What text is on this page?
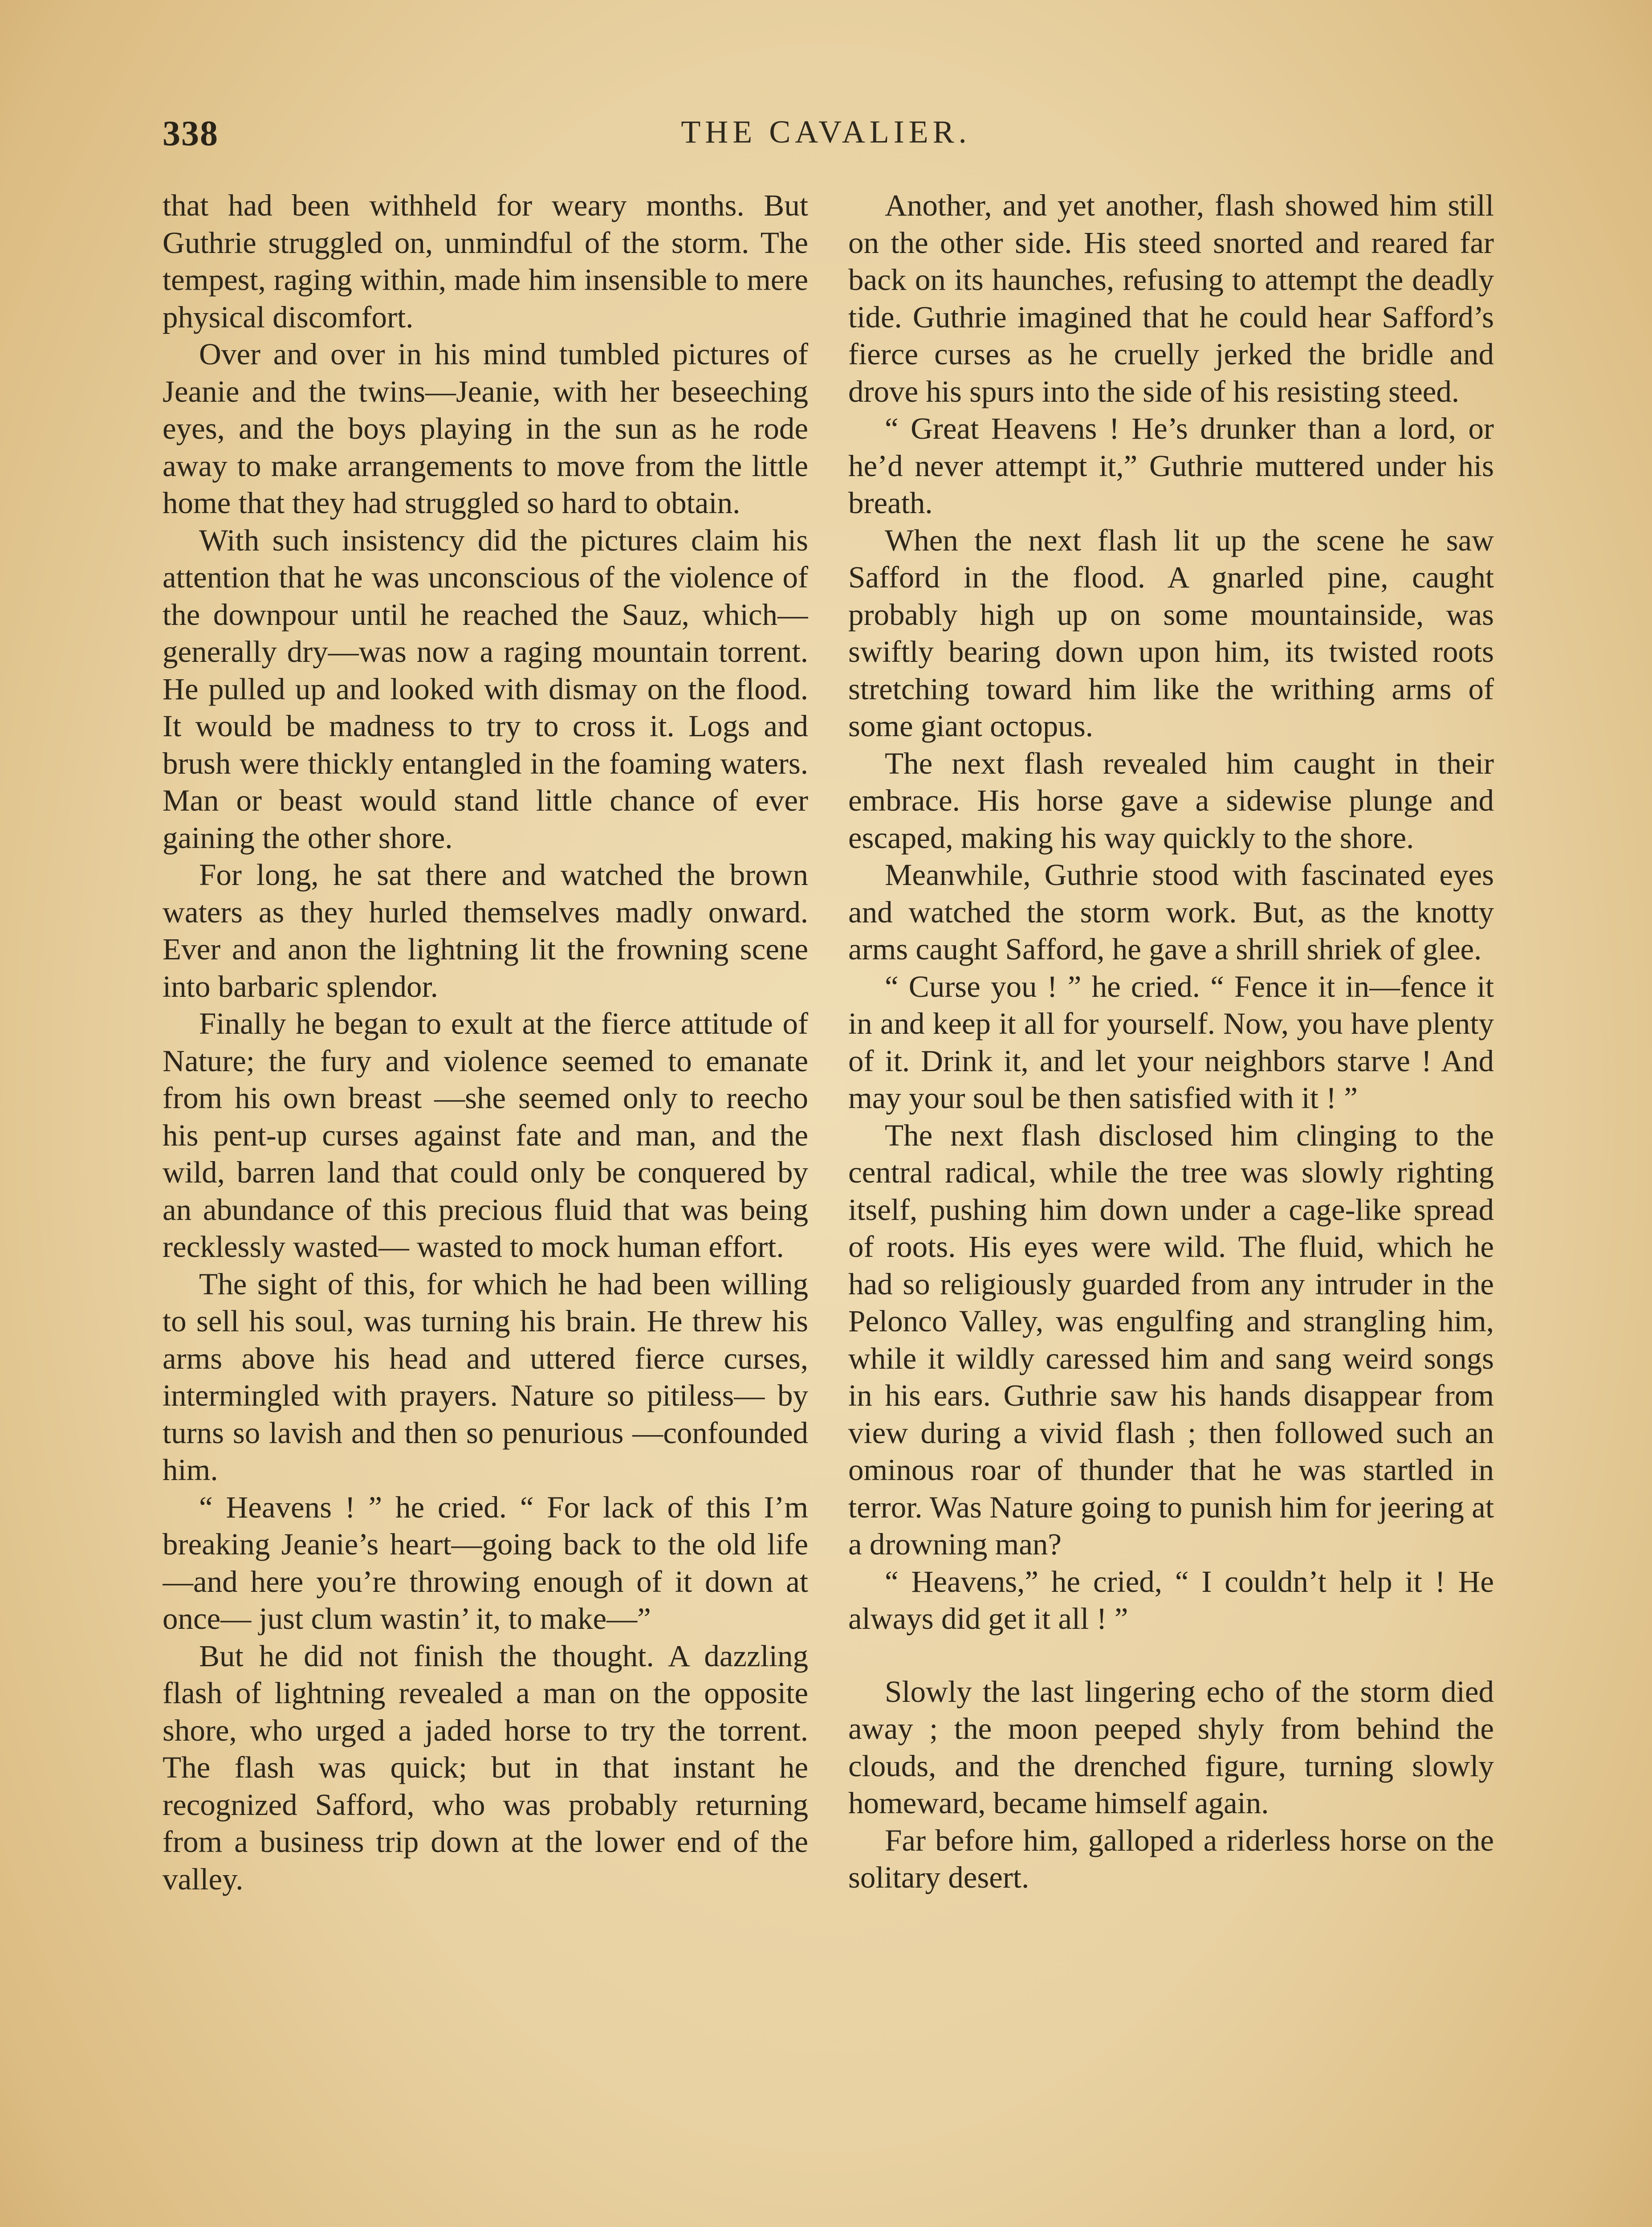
338	THE CAVALIER.

that had been withheld for weary months. But Guthrie struggled on, unmindful of the storm. The tempest, raging within, made him insensible to mere physical discomfort.

Over and over in his mind tumbled pictures of Jeanie and the twins—Jeanie, with her beseeching eyes, and the boys playing in the sun as he rode away to make arrangements to move from the little home that they had struggled so hard to obtain.

With such insistency did the pictures claim his attention that he was unconscious of the violence of the downpour until he reached the Sauz, which—generally dry—was now a raging mountain torrent. He pulled up and looked with dismay on the flood. It would be madness to try to cross it. Logs and brush were thickly entangled in the foaming waters. Man or beast would stand little chance of ever gaining the other shore.

For long, he sat there and watched the brown waters as they hurled themselves madly onward. Ever and anon the lightning lit the frowning scene into barbaric splendor.

Finally he began to exult at the fierce attitude of Nature; the fury and violence seemed to emanate from his own breast —she seemed only to reecho his pent-up curses against fate and man, and the wild, barren land that could only be conquered by an abundance of this precious fluid that was being recklessly wasted— wasted to mock human effort.

The sight of this, for which he had been willing to sell his soul, was turning his brain. He threw his arms above his head and uttered fierce curses, intermingled with prayers. Nature so pitiless— by turns so lavish and then so penurious —confounded him.

“ Heavens ! ” he cried. “ For lack of this I’m breaking Jeanie’s heart—going back to the old life—and here you’re throwing enough of it down at once— just clum wastin’ it, to make—”

But he did not finish the thought. A dazzling flash of lightning revealed a man on the opposite shore, who urged a jaded horse to try the torrent. The flash was quick; but in that instant he recognized Safford, who was probably returning from a business trip down at the lower end of the valley.

Another, and yet another, flash showed him still on the other side. His steed snorted and reared far back on its haunches, refusing to attempt the deadly tide. Guthrie imagined that he could hear Safford’s fierce curses as he cruelly jerked the bridle and drove his spurs into the side of his resisting steed.

“ Great Heavens ! He’s drunker than a lord, or he’d never attempt it,” Guthrie muttered under his breath.

When the next flash lit up the scene he saw Safford in the flood. A gnarled pine, caught probably high up on some mountainside, was swiftly bearing down upon him, its twisted roots stretching toward him like the writhing arms of some giant octopus.

The next flash revealed him caught in their embrace. His horse gave a sidewise plunge and escaped, making his way quickly to the shore.

Meanwhile, Guthrie stood with fascinated eyes and watched the storm work. But, as the knotty arms caught Safford, he gave a shrill shriek of glee.

“ Curse you ! ” he cried. “ Fence it in—fence it in and keep it all for yourself. Now, you have plenty of it. Drink it, and let your neighbors starve ! And may your soul be then satisfied with it ! ”

The next flash disclosed him clinging to the central radical, while the tree was slowly righting itself, pushing him down under a cage-like spread of roots. His eyes were wild. The fluid, which he had so religiously guarded from any intruder in the Pelonco Valley, was engulfing and strangling him, while it wildly caressed him and sang weird songs in his ears. Guthrie saw his hands disappear from view during a vivid flash ; then followed such an ominous roar of thunder that he was startled in terror. Was Nature going to punish him for jeering at a drowning man?

“ Heavens,” he cried, “ I couldn’t help it ! He always did get it all ! ”

Slowly the last lingering echo of the storm died away ; the moon peeped shyly from behind the clouds, and the drenched figure, turning slowly homeward, became himself again.

Far before him, galloped a riderless horse on the solitary desert.
